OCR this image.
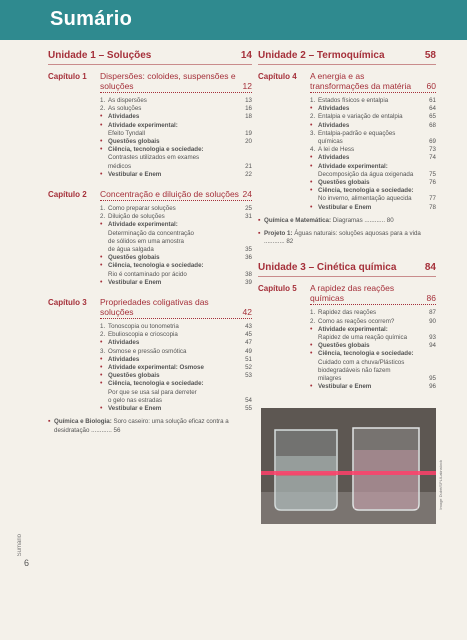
Sumário
Unidade 1 – Soluções	14
Capítulo 1	Dispersões: coloides, suspensões e soluções	12
1. As dispersões	13
2. As soluções	16
• Atividades	18
• Atividade experimental:
Efeito Tyndall	19
• Questões globais	20
• Ciência, tecnologia e sociedade:
Contrastes utilizados em exames
médicos	21
• Vestibular e Enem	22
Capítulo 2	Concentração e diluição de soluções 24
1. Como preparar soluções	25
2. Diluição de soluções	31
• Atividade experimental:
Determinação da concentração
de sólidos em uma amostra
de água salgada	35
• Questões globais	36
• Ciência, tecnologia e sociedade:
Rio é contaminado por ácido	38
• Vestibular e Enem	39
Capítulo 3	Propriedades coligativas das soluções	42
1. Tonoscopia ou tonometria	43
2. Ebulioscopia e crioscopia	45
• Atividades	47
3. Osmose e pressão osmótica	49
• Atividades	51
• Atividade experimental: Osmose	52
• Questões globais	53
• Ciência, tecnologia e sociedade:
Por que se usa sal para derreter
o gelo nas estradas	54
• Vestibular e Enem	55
▪ Química e Biologia: Soro caseiro: uma solução eficaz contra a desidratação ............ 56
Unidade 2 – Termoquímica	58
Capítulo 4	A energia e as transformações da matéria	60
1. Estados físicos e entalpia	61
• Atividades	64
2. Entalpia e variação de entalpia	65
• Atividades	68
3. Entalpia-padrão e equações
químicas	69
4. A lei de Hess	73
• Atividades	74
• Atividade experimental:
Decomposição da água oxigenada	75
• Questões globais	76
• Ciência, tecnologia e sociedade:
No inverno, alimentação aquecida	77
• Vestibular e Enem	78
▪ Química e Matemática: Diagramas ............ 80
▪ Projeto 1: Águas naturais: soluções aquosas para a vida ............ 82
Unidade 3 – Cinética química	84
Capítulo 5	A rapidez das reações químicas	86
1. Rapidez das reações	87
2. Como as reações ocorrem?	90
• Atividade experimental:
Rapidez de uma reação química	93
• Questões globais	94
• Ciência, tecnologia e sociedade:
Cuidado com a chuva/Plásticos
biodegradáveis não fazem
milagres	95
• Vestibular e Enem	96
Image Dubè/SPL/Latinstock
Sumário
6
